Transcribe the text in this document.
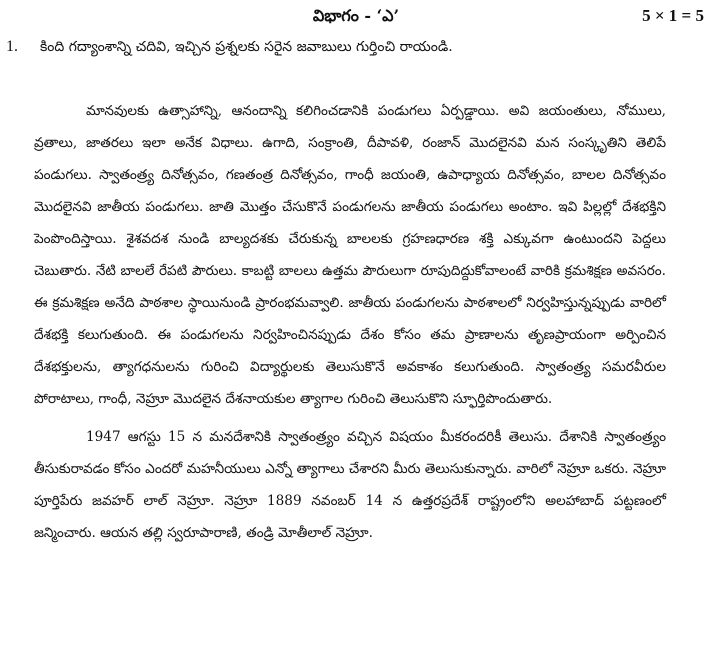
విభాగం - ‘ఎ’	5 × 1 = 5
1. కింది గద్యాంశాన్ని చదివి, ఇచ్చిన ప్రశ్నలకు సరైన జవాబులు గుర్తించి రాయండి.

మానవులకు ఉత్సాహాన్ని, ఆనందాన్ని కలిగించడానికి పండుగలు ఏర్పడ్డాయి. అవి జయంతులు, నోములు, వ్రతాలు, జాతరలు ఇలా అనేక విధాలు. ఉగాది, సంక్రాంతి, దీపావళి, రంజాన్ మొదలైనవి మన సంస్కృతిని తెలిపే పండుగలు. స్వాతంత్ర్య దినోత్సవం, గణతంత్ర దినోత్సవం, గాంధీ జయంతి, ఉపాధ్యాయ దినోత్సవం, బాలల దినోత్సవం మొదలైనవి జాతీయ పండుగలు. జాతి మొత్తం చేసుకొనే పండుగలను జాతీయ పండుగలు అంటాం. ఇవి పిల్లల్లో దేశభక్తిని పెంపొందిస్తాయి. శైశవదశ నుండి బాల్యదశకు చేరుకున్న బాలలకు గ్రహణధారణ శక్తి ఎక్కువగా ఉంటుందని పెద్దలు చెబుతారు. నేటి బాలలే రేపటి పౌరులు. కాబట్టి బాలలు ఉత్తమ పౌరులుగా రూపుదిద్దుకోవాలంటే వారికి క్రమశిక్షణ అవసరం. ఈ క్రమశిక్షణ అనేది పాఠశాల స్థాయినుండి ప్రారంభమవ్వాలి. జాతీయ పండుగలను పాఠశాలలో నిర్వహిస్తున్నప్పుడు వారిలో దేశభక్తి కలుగుతుంది. ఈ పండుగలను నిర్వహించినప్పుడు దేశం కోసం తమ ప్రాణాలను తృణప్రాయంగా అర్పించిన దేశభక్తులను, త్యాగధనులను గురించి విద్యార్థులకు తెలుసుకొనే అవకాశం కలుగుతుంది. స్వాతంత్ర్య సమరవీరుల పోరాటాలు, గాంధీ, నెహ్రూ మొదలైన దేశనాయకుల త్యాగాల గురించి తెలుసుకొని స్ఫూర్తిపొందుతారు.

1947 ఆగస్టు 15 న మనదేశానికి స్వాతంత్ర్యం వచ్చిన విషయం మీకరందరికీ తెలుసు. దేశానికి స్వాతంత్ర్యం తీసుకురావడం కోసం ఎందరో మహనీయులు ఎన్నో త్యాగాలు చేశారని మీరు తెలుసుకున్నారు. వారిలో నెహ్రూ ఒకరు. నెహ్రూ పూర్తిపేరు జవహర్ లాల్ నెహ్రూ. నెహ్రూ 1889 నవంబర్ 14 న ఉత్తరప్రదేశ్ రాష్ట్రంలోని అలహాబాద్ పట్టణంలో జన్మించారు. ఆయన తల్లి స్వరూపారాణి, తండ్రి మోతీలాల్ నెహ్రూ.
